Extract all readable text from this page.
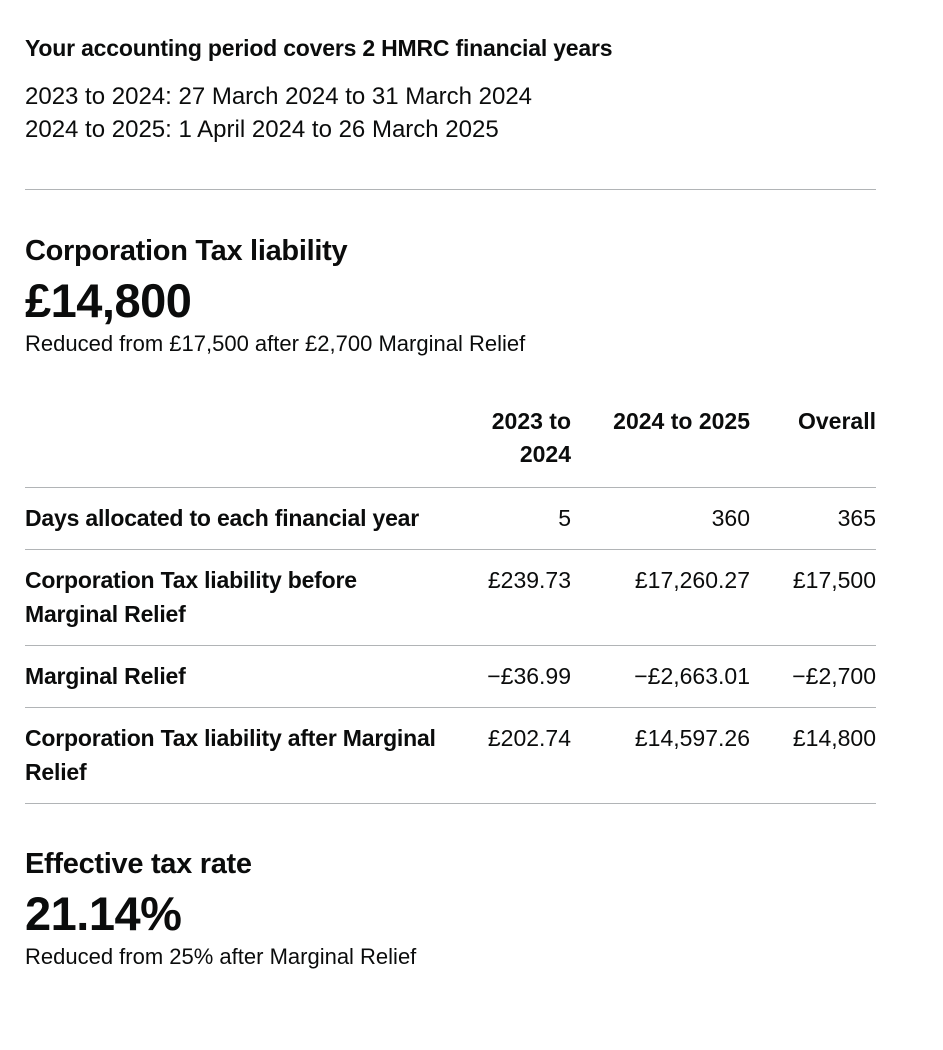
Your accounting period covers 2 HMRC financial years
2023 to 2024: 27 March 2024 to 31 March 2024
2024 to 2025: 1 April 2024 to 26 March 2025
Corporation Tax liability
£14,800
Reduced from £17,500 after £2,700 Marginal Relief
	2023 to 2024	2024 to 2025	Overall
Days allocated to each financial year	5	360	365
Corporation Tax liability before Marginal Relief	£239.73	£17,260.27	£17,500
Marginal Relief	−£36.99	−£2,663.01	−£2,700
Corporation Tax liability after Marginal Relief	£202.74	£14,597.26	£14,800
Effective tax rate
21.14%
Reduced from 25% after Marginal Relief
